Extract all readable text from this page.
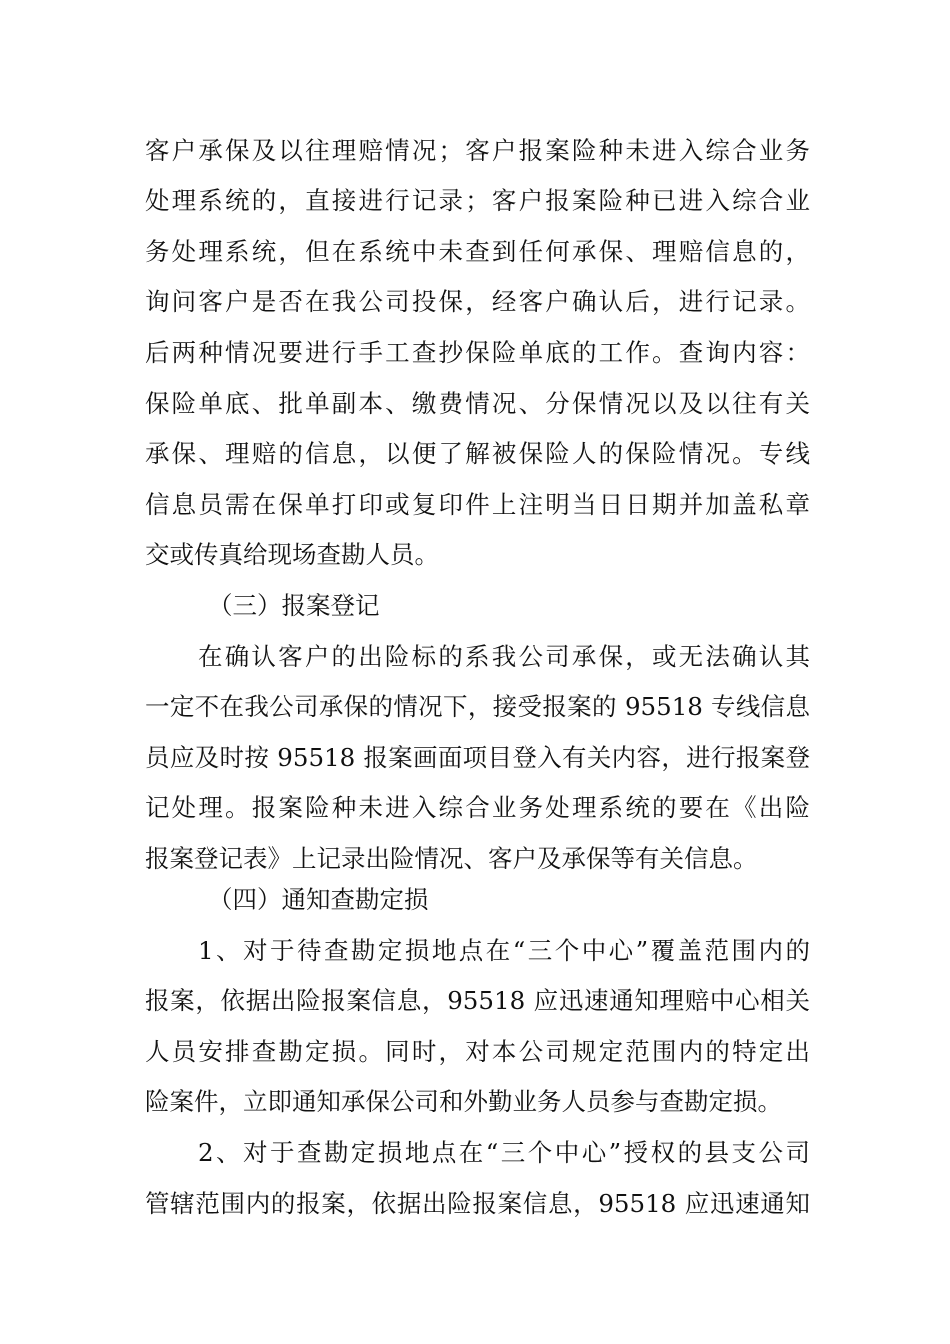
客户承保及以往理赔情况；客户报案险种未进入综合业务
处理系统的，直接进行记录；客户报案险种已进入综合业
务处理系统，但在系统中未查到任何承保、理赔信息的，
询问客户是否在我公司投保，经客户确认后，进行记录。
后两种情况要进行手工查抄保险单底的工作。查询内容：
保险单底、批单副本、缴费情况、分保情况以及以往有关
承保、理赔的信息，以便了解被保险人的保险情况。专线
信息员需在保单打印或复印件上注明当日日期并加盖私章
交或传真给现场查勘人员。
（三）报案登记
在确认客户的出险标的系我公司承保，或无法确认其
一定不在我公司承保的情况下，接受报案的 95518 专线信息
员应及时按 95518 报案画面项目登入有关内容，进行报案登
记处理。报案险种未进入综合业务处理系统的要在《出险
报案登记表》上记录出险情况、客户及承保等有关信息。
（四）通知查勘定损
1、对于待查勘定损地点在“三个中心”覆盖范围内的
报案，依据出险报案信息，95518 应迅速通知理赔中心相关
人员安排查勘定损。同时，对本公司规定范围内的特定出
险案件，立即通知承保公司和外勤业务人员参与查勘定损。
2、对于查勘定损地点在“三个中心”授权的县支公司
管辖范围内的报案，依据出险报案信息，95518 应迅速通知
